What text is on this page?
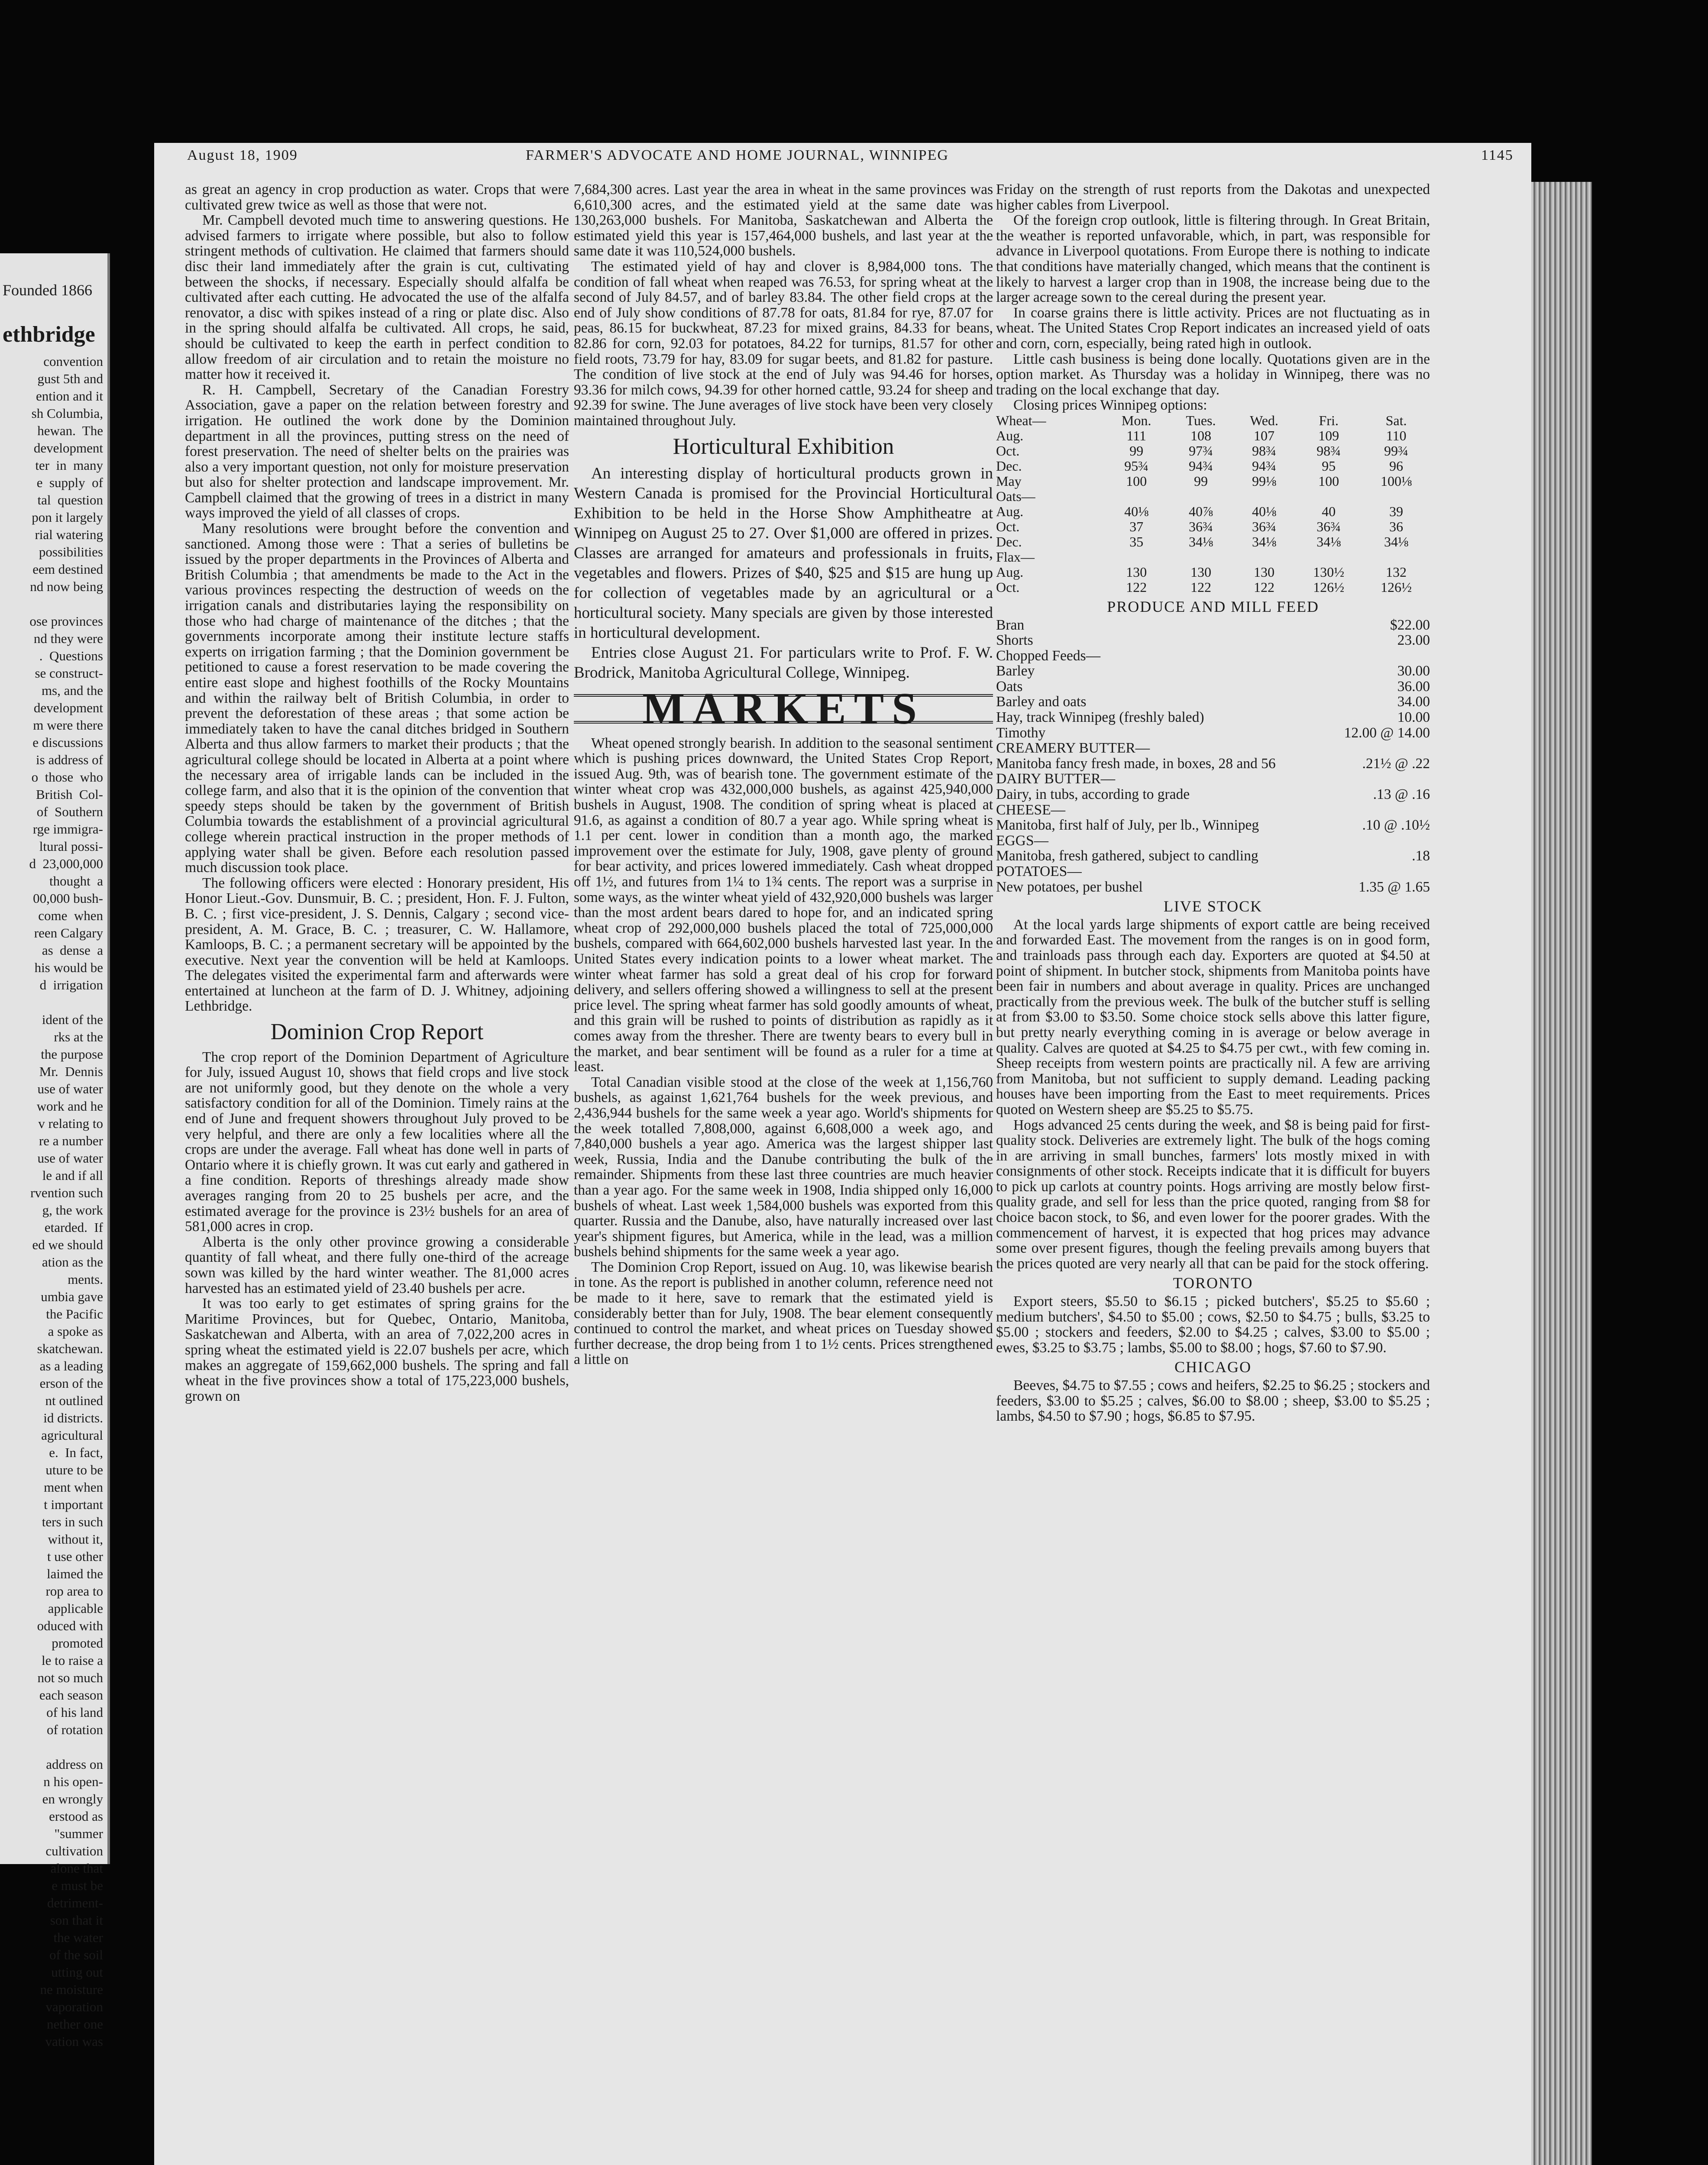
Founded 1866
ethbridge
convention
gust 5th and
ention and it
sh Columbia,
hewan.  The
development
ter  in  many
e  supply  of
tal  question
pon it largely
rial watering
possibilities
eem destined
nd now being

ose provinces
nd they were
.  Questions
se construct-
ms, and the
development
m were there
e discussions
is address of
o  those  who
British  Col-
of  Southern
rge immigra-
ltural possi-
d  23,000,000
thought  a
00,000 bush-
come  when
reen Calgary
as  dense  a
his would be
d  irrigation

ident of the
rks at the
the purpose
Mr.  Dennis
use of water
work and he
v relating to
re a number
use of water
le and if all
rvention such
g, the work
etarded.  If
ed we should
ation as the
ments.
umbia gave
the Pacific
a spoke as
skatchewan.
as a leading
erson of the
nt outlined
id districts.
agricultural
e.  In fact,
uture to be
ment when
t important
ters in such
without it,
t use other
laimed the
rop area to
applicable
oduced with
promoted
le to raise a
not so much
each season
of his land
of rotation

address on
n his open-
en wrongly
erstood as
"summer
cultivation
alone that
e must be
detriment-
son that it
the water
of the soil
utting out
ne moisture
vaporation
nether one
vation was
August 18, 1909	FARMER'S ADVOCATE AND HOME JOURNAL, WINNIPEG	1145

as great an agency in crop production as water. Crops that were cultivated grew twice as well as those that were not.

Mr. Campbell devoted much time to answering questions. He advised farmers to irrigate where possible, but also to follow stringent methods of cultivation. He claimed that farmers should disc their land immediately after the grain is cut, cultivating between the shocks, if necessary. Especially should alfalfa be cultivated after each cutting. He advocated the use of the alfalfa renovator, a disc with spikes instead of a ring or plate disc. Also in the spring should alfalfa be cultivated. All crops, he said, should be cultivated to keep the earth in perfect condition to allow freedom of air circulation and to retain the moisture no matter how it received it.

R. H. Campbell, Secretary of the Canadian Forestry Association, gave a paper on the relation between forestry and irrigation. He outlined the work done by the Dominion department in all the provinces, putting stress on the need of forest preservation. The need of shelter belts on the prairies was also a very important question, not only for moisture preservation but also for shelter protection and landscape improvement. Mr. Campbell claimed that the growing of trees in a district in many ways improved the yield of all classes of crops.

Many resolutions were brought before the convention and sanctioned. Among those were : That a series of bulletins be issued by the proper departments in the Provinces of Alberta and British Columbia ; that amendments be made to the Act in the various provinces respecting the destruction of weeds on the irrigation canals and distributaries laying the responsibility on those who had charge of maintenance of the ditches ; that the governments incorporate among their institute lecture staffs experts on irrigation farming ; that the Dominion government be petitioned to cause a forest reservation to be made covering the entire east slope and highest foothills of the Rocky Mountains and within the railway belt of British Columbia, in order to prevent the deforestation of these areas ; that some action be immediately taken to have the canal ditches bridged in Southern Alberta and thus allow farmers to market their products ; that the agricultural college should be located in Alberta at a point where the necessary area of irrigable lands can be included in the college farm, and also that it is the opinion of the convention that speedy steps should be taken by the government of British Columbia towards the establishment of a provincial agricultural college wherein practical instruction in the proper methods of applying water shall be given. Before each resolution passed much discussion took place.

The following officers were elected : Honorary president, His Honor Lieut.-Gov. Dunsmuir, B. C. ; president, Hon. F. J. Fulton, B. C. ; first vice-president, J. S. Dennis, Calgary ; second vice-president, A. M. Grace, B. C. ; treasurer, C. W. Hallamore, Kamloops, B. C. ; a permanent secretary will be appointed by the executive. Next year the convention will be held at Kamloops. The delegates visited the experimental farm and afterwards were entertained at luncheon at the farm of D. J. Whitney, adjoining Lethbridge.

Dominion Crop Report

The crop report of the Dominion Department of Agriculture for July, issued August 10, shows that field crops and live stock are not uniformly good, but they denote on the whole a very satisfactory condition for all of the Dominion. Timely rains at the end of June and frequent showers throughout July proved to be very helpful, and there are only a few localities where all the crops are under the average. Fall wheat has done well in parts of Ontario where it is chiefly grown. It was cut early and gathered in a fine condition. Reports of threshings already made show averages ranging from 20 to 25 bushels per acre, and the estimated average for the province is 23½ bushels for an area of 581,000 acres in crop.

Alberta is the only other province growing a considerable quantity of fall wheat, and there fully one-third of the acreage sown was killed by the hard winter weather. The 81,000 acres harvested has an estimated yield of 23.40 bushels per acre.

It was too early to get estimates of spring grains for the Maritime Provinces, but for Quebec, Ontario, Manitoba, Saskatchewan and Alberta, with an area of 7,022,200 acres in spring wheat the estimated yield is 22.07 bushels per acre, which makes an aggregate of 159,662,000 bushels. The spring and fall wheat in the five provinces show a total of 175,223,000 bushels, grown on

7,684,300 acres. Last year the area in wheat in the same provinces was 6,610,300 acres, and the estimated yield at the same date was 130,263,000 bushels. For Manitoba, Saskatchewan and Alberta the estimated yield this year is 157,464,000 bushels, and last year at the same date it was 110,524,000 bushels.

The estimated yield of hay and clover is 8,984,000 tons. The condition of fall wheat when reaped was 76.53, for spring wheat at the second of July 84.57, and of barley 83.84. The other field crops at the end of July show conditions of 87.78 for oats, 81.84 for rye, 87.07 for peas, 86.15 for buckwheat, 87.23 for mixed grains, 84.33 for beans, 82.86 for corn, 92.03 for potatoes, 84.22 for turnips, 81.57 for other field roots, 73.79 for hay, 83.09 for sugar beets, and 81.82 for pasture. The condition of live stock at the end of July was 94.46 for horses, 93.36 for milch cows, 94.39 for other horned cattle, 93.24 for sheep and 92.39 for swine. The June averages of live stock have been very closely maintained throughout July.

Horticultural Exhibition

An interesting display of horticultural products grown in Western Canada is promised for the Provincial Horticultural Exhibition to be held in the Horse Show Amphitheatre at Winnipeg on August 25 to 27. Over $1,000 are offered in prizes. Classes are arranged for amateurs and professionals in fruits, vegetables and flowers. Prizes of $40, $25 and $15 are hung up for collection of vegetables made by an agricultural or a horticultural society. Many specials are given by those interested in horticultural development.

Entries close August 21. For particulars write to Prof. F. W. Brodrick, Manitoba Agricultural College, Winnipeg.

MARKETS

Wheat opened strongly bearish. In addition to the seasonal sentiment which is pushing prices downward, the United States Crop Report, issued Aug. 9th, was of bearish tone. The government estimate of the winter wheat crop was 432,000,000 bushels, as against 425,940,000 bushels in August, 1908. The condition of spring wheat is placed at 91.6, as against a condition of 80.7 a year ago. While spring wheat is 1.1 per cent. lower in condition than a month ago, the marked improvement over the estimate for July, 1908, gave plenty of ground for bear activity, and prices lowered immediately. Cash wheat dropped off 1½, and futures from 1¼ to 1¾ cents. The report was a surprise in some ways, as the winter wheat yield of 432,920,000 bushels was larger than the most ardent bears dared to hope for, and an indicated spring wheat crop of 292,000,000 bushels placed the total of 725,000,000 bushels, compared with 664,602,000 bushels harvested last year. In the United States every indication points to a lower wheat market. The winter wheat farmer has sold a great deal of his crop for forward delivery, and sellers offering showed a willingness to sell at the present price level. The spring wheat farmer has sold goodly amounts of wheat, and this grain will be rushed to points of distribution as rapidly as it comes away from the thresher. There are twenty bears to every bull in the market, and bear sentiment will be found as a ruler for a time at least.

Total Canadian visible stood at the close of the week at 1,156,760 bushels, as against 1,621,764 bushels for the week previous, and 2,436,944 bushels for the same week a year ago. World's shipments for the week totalled 7,808,000, against 6,608,000 a week ago, and 7,840,000 bushels a year ago. America was the largest shipper last week, Russia, India and the Danube contributing the bulk of the remainder. Shipments from these last three countries are much heavier than a year ago. For the same week in 1908, India shipped only 16,000 bushels of wheat. Last week 1,584,000 bushels was exported from this quarter. Russia and the Danube, also, have naturally increased over last year's shipment figures, but America, while in the lead, was a million bushels behind shipments for the same week a year ago.

The Dominion Crop Report, issued on Aug. 10, was likewise bearish in tone. As the report is published in another column, reference need not be made to it here, save to remark that the estimated yield is considerably better than for July, 1908. The bear element consequently continued to control the market, and wheat prices on Tuesday showed further decrease, the drop being from 1 to 1½ cents. Prices strengthened a little on

Friday on the strength of rust reports from the Dakotas and unexpected higher cables from Liverpool.

Of the foreign crop outlook, little is filtering through. In Great Britain, the weather is reported unfavorable, which, in part, was responsible for advance in Liverpool quotations. From Europe there is nothing to indicate that conditions have materially changed, which means that the continent is likely to harvest a larger crop than in 1908, the increase being due to the larger acreage sown to the cereal during the present year.

In coarse grains there is little activity. Prices are not fluctuating as in wheat. The United States Crop Report indicates an increased yield of oats and corn, corn, especially, being rated high in outlook.

Little cash business is being done locally. Quotations given are in the option market. As Thursday was a holiday in Winnipeg, there was no trading on the local exchange that day.

Closing prices Winnipeg options:

Wheat—	Mon.	Tues.	Wed.	Fri.	Sat.
Aug.	111	108	107	109	110
Oct.	99	97¾	98¾	98¾	99¾
Dec.	95¾	94¾	94¾	95	96
May	100	99	99⅛	100	100⅛
Oats—					
Aug.	40⅛	40⅞	40⅛	40	39
Oct.	37	36¾	36¾	36¾	36
Dec.	35	34⅛	34⅛	34⅛	34⅛
Flax—					
Aug.	130	130	130	130½	132
Oct.	122	122	122	126½	126½
PRODUCE AND MILL FEED
Bran	$22.00
Shorts	23.00
Chopped Feeds—
Barley	30.00
Oats	36.00
Barley and oats	34.00
Hay, track Winnipeg (freshly baled)	10.00
Timothy	12.00 @ 14.00
CREAMERY BUTTER—
Manitoba fancy fresh made, in boxes, 28 and 56	.21½ @ .22
DAIRY BUTTER—
Dairy, in tubs, according to grade	.13 @ .16
CHEESE—
Manitoba, first half of July, per lb., Winnipeg	.10 @ .10½
EGGS—
Manitoba, fresh gathered, subject to candling	.18
POTATOES—
New potatoes, per bushel	1.35 @ 1.65
LIVE STOCK

At the local yards large shipments of export cattle are being received and forwarded East. The movement from the ranges is on in good form, and trainloads pass through each day. Exporters are quoted at $4.50 at point of shipment. In butcher stock, shipments from Manitoba points have been fair in numbers and about average in quality. Prices are unchanged practically from the previous week. The bulk of the butcher stuff is selling at from $3.00 to $3.50. Some choice stock sells above this latter figure, but pretty nearly everything coming in is average or below average in quality. Calves are quoted at $4.25 to $4.75 per cwt., with few coming in. Sheep receipts from western points are practically nil. A few are arriving from Manitoba, but not sufficient to supply demand. Leading packing houses have been importing from the East to meet requirements. Prices quoted on Western sheep are $5.25 to $5.75.

Hogs advanced 25 cents during the week, and $8 is being paid for first-quality stock. Deliveries are extremely light. The bulk of the hogs coming in are arriving in small bunches, farmers' lots mostly mixed in with consignments of other stock. Receipts indicate that it is difficult for buyers to pick up carlots at country points. Hogs arriving are mostly below first-quality grade, and sell for less than the price quoted, ranging from $8 for choice bacon stock, to $6, and even lower for the poorer grades. With the commencement of harvest, it is expected that hog prices may advance some over present figures, though the feeling prevails among buyers that the prices quoted are very nearly all that can be paid for the stock offering.

TORONTO

Export steers, $5.50 to $6.15 ; picked butchers', $5.25 to $5.60 ; medium butchers', $4.50 to $5.00 ; cows, $2.50 to $4.75 ; bulls, $3.25 to $5.00 ; stockers and feeders, $2.00 to $4.25 ; calves, $3.00 to $5.00 ; ewes, $3.25 to $3.75 ; lambs, $5.00 to $8.00 ; hogs, $7.60 to $7.90.

CHICAGO

Beeves, $4.75 to $7.55 ; cows and heifers, $2.25 to $6.25 ; stockers and feeders, $3.00 to $5.25 ; calves, $6.00 to $8.00 ; sheep, $3.00 to $5.25 ; lambs, $4.50 to $7.90 ; hogs, $6.85 to $7.95.
